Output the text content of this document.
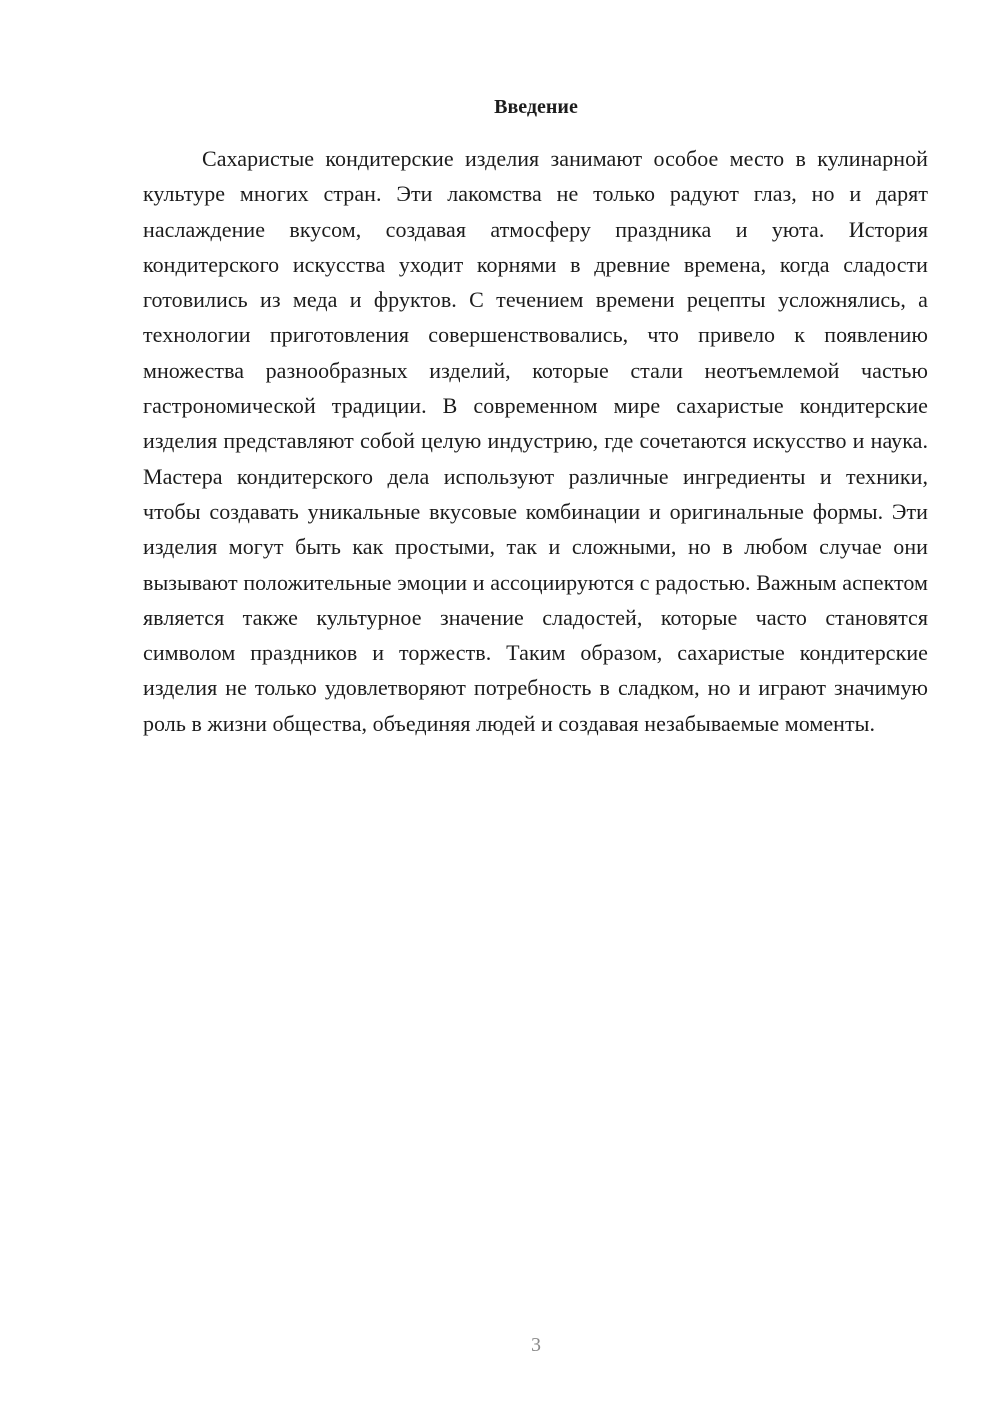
Введение

Сахаристые кондитерские изделия занимают особое место в кулинарной культуре многих стран. Эти лакомства не только радуют глаз, но и дарят наслаждение вкусом, создавая атмосферу праздника и уюта. История кондитерского искусства уходит корнями в древние времена, когда сладости готовились из меда и фруктов. С течением времени рецепты усложнялись, а технологии приготовления совершенствовались, что привело к появлению множества разнообразных изделий, которые стали неотъемлемой частью гастрономической традиции. В современном мире сахаристые кондитерские изделия представляют собой целую индустрию, где сочетаются искусство и наука. Мастера кондитерского дела используют различные ингредиенты и техники, чтобы создавать уникальные вкусовые комбинации и оригинальные формы. Эти изделия могут быть как простыми, так и сложными, но в любом случае они вызывают положительные эмоции и ассоциируются с радостью. Важным аспектом является также культурное значение сладостей, которые часто становятся символом праздников и торжеств. Таким образом, сахаристые кондитерские изделия не только удовлетворяют потребность в сладком, но и играют значимую роль в жизни общества, объединяя людей и создавая незабываемые моменты.

3
